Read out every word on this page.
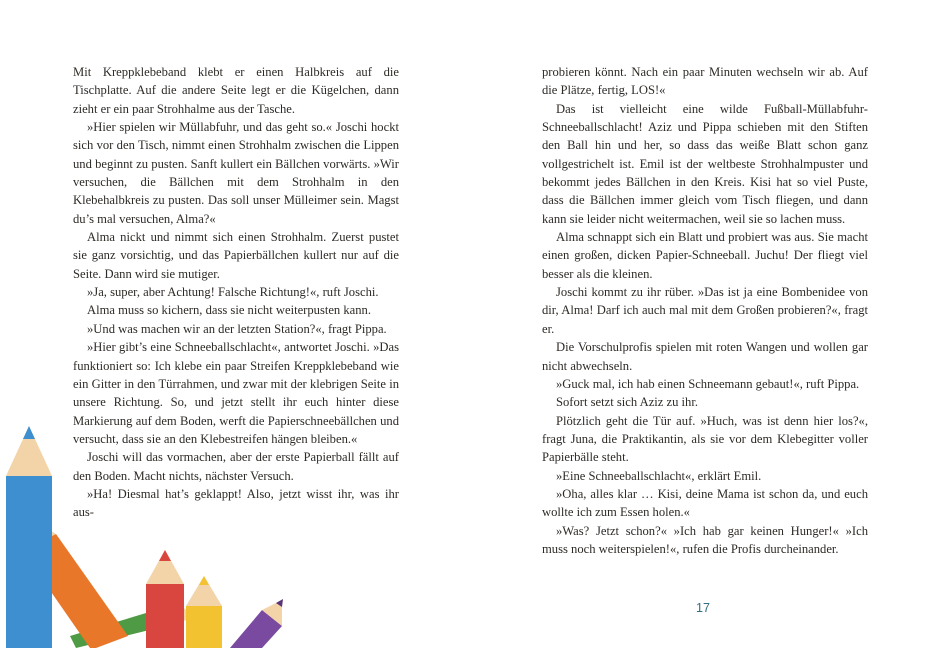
Mit Kreppklebeband klebt er einen Halbkreis auf die Tischplatte. Auf die andere Seite legt er die Kügelchen, dann zieht er ein paar Strohhalme aus der Tasche.

»Hier spielen wir Müllabfuhr, und das geht so.« Joschi hockt sich vor den Tisch, nimmt einen Strohhalm zwischen die Lippen und beginnt zu pusten. Sanft kullert ein Bällchen vorwärts. »Wir versuchen, die Bällchen mit dem Strohhalm in den Klebehalbkreis zu pusten. Das soll unser Mülleimer sein. Magst du’s mal versuchen, Alma?«

Alma nickt und nimmt sich einen Strohhalm. Zuerst pustet sie ganz vorsichtig, und das Papierbällchen kullert nur auf die Seite. Dann wird sie mutiger.

»Ja, super, aber Achtung! Falsche Richtung!«, ruft Joschi.

Alma muss so kichern, dass sie nicht weiterpusten kann.

»Und was machen wir an der letzten Station?«, fragt Pippa.

»Hier gibt’s eine Schneeballschlacht«, antwortet Joschi. »Das funktioniert so: Ich klebe ein paar Streifen Kreppklebeband wie ein Gitter in den Türrahmen, und zwar mit der klebrigen Seite in unsere Richtung. So, und jetzt stellt ihr euch hinter diese Markierung auf dem Boden, werft die Papierschneebällchen und versucht, dass sie an den Klebestreifen hängen bleiben.«

Joschi will das vormachen, aber der erste Papierball fällt auf den Boden. Macht nichts, nächster Versuch.

»Ha! Diesmal hat’s geklappt! Also, jetzt wisst ihr, was ihr aus-

probieren könnt. Nach ein paar Minuten wechseln wir ab. Auf die Plätze, fertig, LOS!«

Das ist vielleicht eine wilde Fußball-Müllabfuhr-Schneeballschlacht! Aziz und Pippa schieben mit den Stiften den Ball hin und her, so dass das weiße Blatt schon ganz vollgestrichelt ist. Emil ist der weltbeste Strohhalmpuster und bekommt jedes Bällchen in den Kreis. Kisi hat so viel Puste, dass die Bällchen immer gleich vom Tisch fliegen, und dann kann sie leider nicht weitermachen, weil sie so lachen muss.

Alma schnappt sich ein Blatt und probiert was aus. Sie macht einen großen, dicken Papier-Schneeball. Juchu! Der fliegt viel besser als die kleinen.

Joschi kommt zu ihr rüber. »Das ist ja eine Bombenidee von dir, Alma! Darf ich auch mal mit dem Großen probieren?«, fragt er.

Die Vorschulprofis spielen mit roten Wangen und wollen gar nicht abwechseln.

»Guck mal, ich hab einen Schneemann gebaut!«, ruft Pippa.

Sofort setzt sich Aziz zu ihr.

Plötzlich geht die Tür auf. »Huch, was ist denn hier los?«, fragt Juna, die Praktikantin, als sie vor dem Klebegitter voller Papierbälle steht.

»Eine Schneeballschlacht«, erklärt Emil.

»Oha, alles klar … Kisi, deine Mama ist schon da, und euch wollte ich zum Essen holen.«

»Was? Jetzt schon?« »Ich hab gar keinen Hunger!« »Ich muss noch weiterspielen!«, rufen die Profis durcheinander.

17
